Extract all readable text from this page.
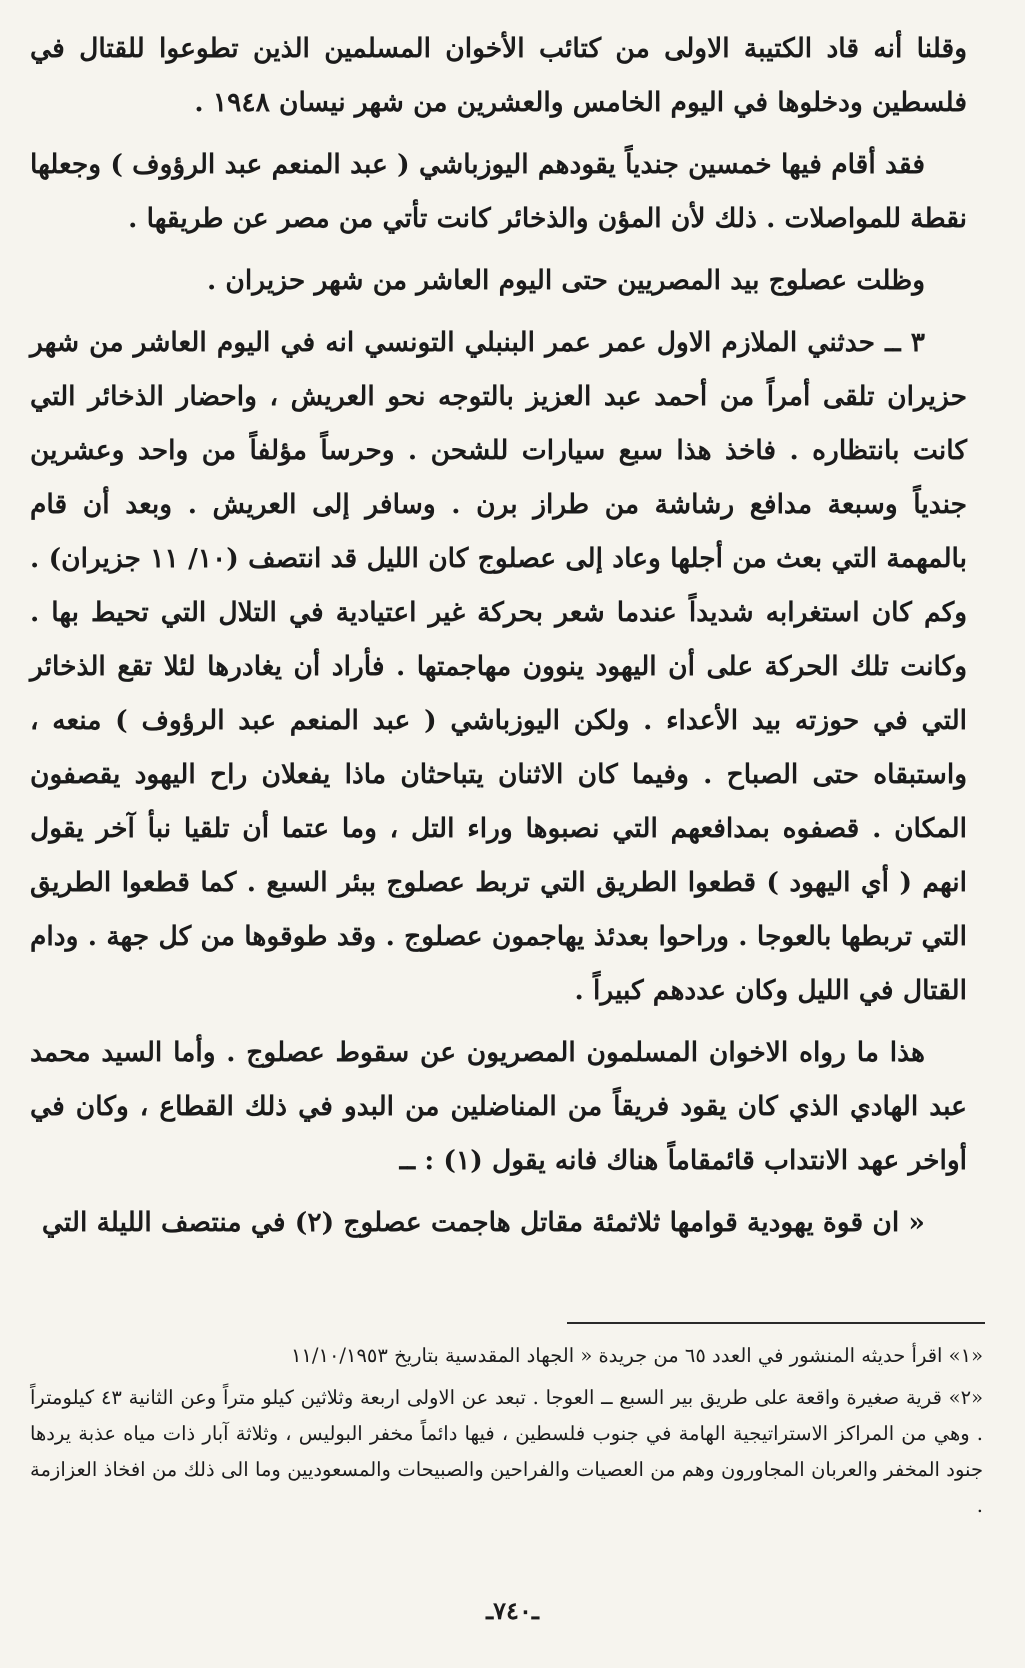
وقلنا أنه قاد الكتيبة الاولى من كتائب الأخوان المسلمين الذين تطوعوا للقتال في فلسطين ودخلوها في اليوم الخامس والعشرين من شهر نيسان ١٩٤٨ .

فقد أقام فيها خمسين جندياً يقودهم اليوزباشي ( عبد المنعم عبد الرؤوف ) وجعلها نقطة للمواصلات . ذلك لأن المؤن والذخائر كانت تأتي من مصر عن طريقها .

وظلت عصلوج بيد المصريين حتى اليوم العاشر من شهر حزيران .

٣ ــ حدثني الملازم الاول عمر عمر البنبلي التونسي انه في اليوم العاشر من شهر حزيران تلقى أمراً من أحمد عبد العزيز بالتوجه نحو العريش ، واحضار الذخائر التي كانت بانتظاره . فاخذ هذا سبع سيارات للشحن . وحرساً مؤلفاً من واحد وعشرين جندياً وسبعة مدافع رشاشة من طراز برن . وسافر إلى العريش . وبعد أن قام بالمهمة التي بعث من أجلها وعاد إلى عصلوج كان الليل قد انتصف (١٠/ ١١ جزيران) . وكم كان استغرابه شديداً عندما شعر بحركة غير اعتيادية في التلال التي تحيط بها . وكانت تلك الحركة على أن اليهود ينوون مهاجمتها . فأراد أن يغادرها لئلا تقع الذخائر التي في حوزته بيد الأعداء . ولكن اليوزباشي ( عبد المنعم عبد الرؤوف ) منعه ، واستبقاه حتى الصباح . وفيما كان الاثنان يتباحثان ماذا يفعلان راح اليهود يقصفون المكان . قصفوه بمدافعهم التي نصبوها وراء التل ، وما عتما أن تلقيا نبأ آخر يقول انهم ( أي اليهود ) قطعوا الطريق التي تربط عصلوج ببئر السبع . كما قطعوا الطريق التي تربطها بالعوجا . وراحوا بعدئذ يهاجمون عصلوج . وقد طوقوها من كل جهة . ودام القتال في الليل وكان عددهم كبيراً .

هذا ما رواه الاخوان المسلمون المصريون عن سقوط عصلوج . وأما السيد محمد عبد الهادي الذي كان يقود فريقاً من المناضلين من البدو في ذلك القطاع ، وكان في أواخر عهد الانتداب قائمقاماً هناك فانه يقول (١) : ــ

« ان قوة يهودية قوامها ثلاثمئة مقاتل هاجمت عصلوج (٢) في منتصف الليلة التي

«١» اقرأ حديثه المنشور في العدد ٦٥ من جريدة « الجهاد المقدسية بتاريخ ١١/١٠/١٩٥٣

«٢» قرية صغيرة واقعة على طريق بير السبع ــ العوجا . تبعد عن الاولى اربعة وثلاثين كيلو متراً وعن الثانية ٤٣ كيلومتراً . وهي من المراكز الاستراتيجية الهامة في جنوب فلسطين ، فيها دائماً مخفر البوليس ، وثلاثة آبار ذات مياه عذبة يردها جنود المخفر والعربان المجاورون وهم من العصيات والفراحين والصبيحات والمسعوديين وما الى ذلك من افخاذ العزازمة .

ـ٧٤٠ـ
